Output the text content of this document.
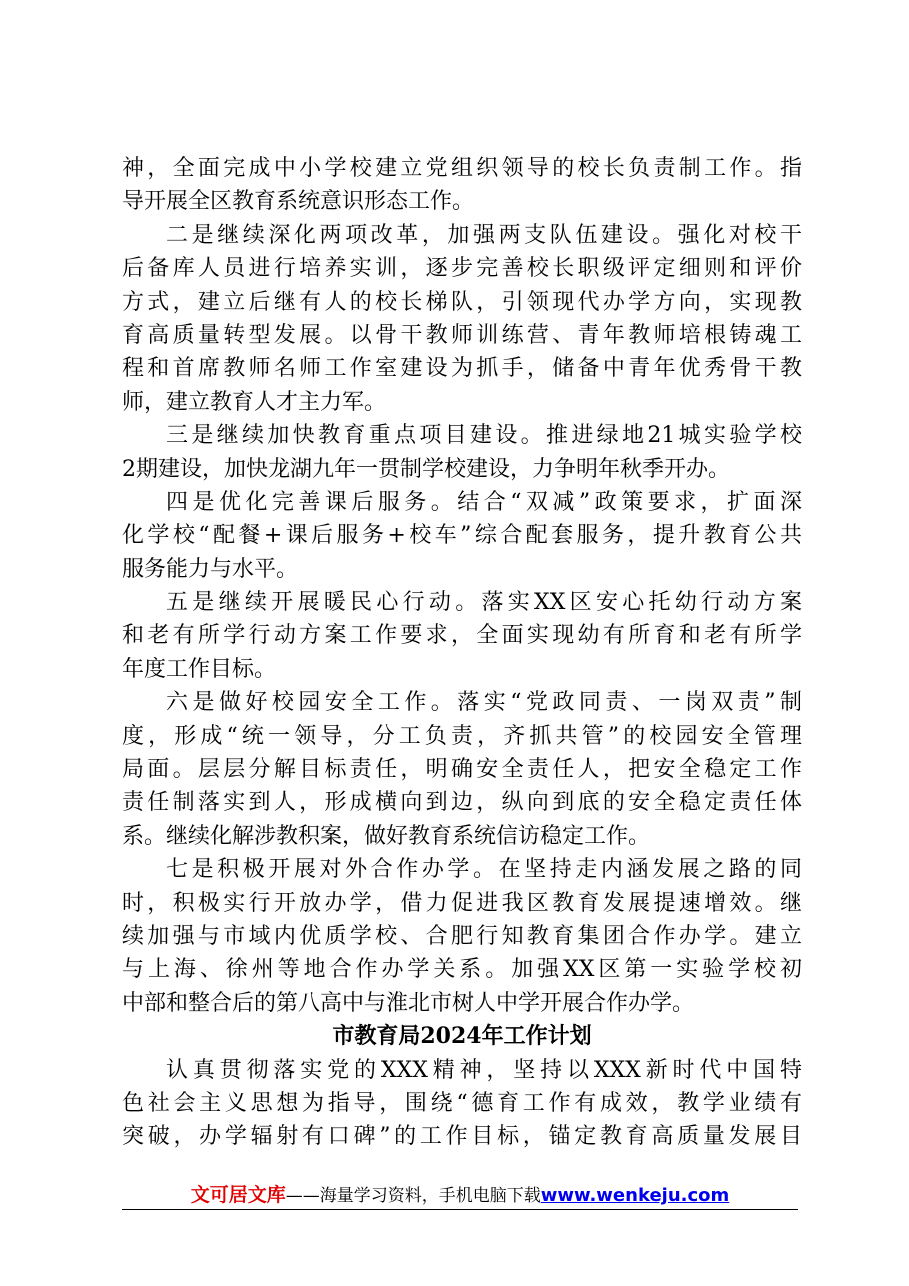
神，全面完成中小学校建立党组织领导的校长负责制工作。指
导开展全区教育系统意识形态工作。
二是继续深化两项改革，加强两支队伍建设。强化对校干
后备库人员进行培养实训，逐步完善校长职级评定细则和评价
方式，建立后继有人的校长梯队，引领现代办学方向，实现教
育高质量转型发展。以骨干教师训练营、青年教师培根铸魂工
程和首席教师名师工作室建设为抓手，储备中青年优秀骨干教
师，建立教育人才主力军。
三是继续加快教育重点项目建设。推进绿地21城实验学校
2期建设，加快龙湖九年一贯制学校建设，力争明年秋季开办。
四是优化完善课后服务。结合“双减”政策要求，扩面深
化学校“配餐+课后服务+校车”综合配套服务，提升教育公共
服务能力与水平。
五是继续开展暖民心行动。落实XX区安心托幼行动方案
和老有所学行动方案工作要求，全面实现幼有所育和老有所学
年度工作目标。
六是做好校园安全工作。落实“党政同责、一岗双责”制
度，形成“统一领导，分工负责，齐抓共管”的校园安全管理
局面。层层分解目标责任，明确安全责任人，把安全稳定工作
责任制落实到人，形成横向到边，纵向到底的安全稳定责任体
系。继续化解涉教积案，做好教育系统信访稳定工作。
七是积极开展对外合作办学。在坚持走内涵发展之路的同
时，积极实行开放办学，借力促进我区教育发展提速增效。继
续加强与市域内优质学校、合肥行知教育集团合作办学。建立
与上海、徐州等地合作办学关系。加强XX区第一实验学校初
中部和整合后的第八高中与淮北市树人中学开展合作办学。
市教育局2024年工作计划
认真贯彻落实党的XXX精神，坚持以XXX新时代中国特
色社会主义思想为指导，围绕“德育工作有成效，教学业绩有
突破，办学辐射有口碑”的工作目标，锚定教育高质量发展目
文可居文库——海量学习资料，手机电脑下载www.wenkeju.com
